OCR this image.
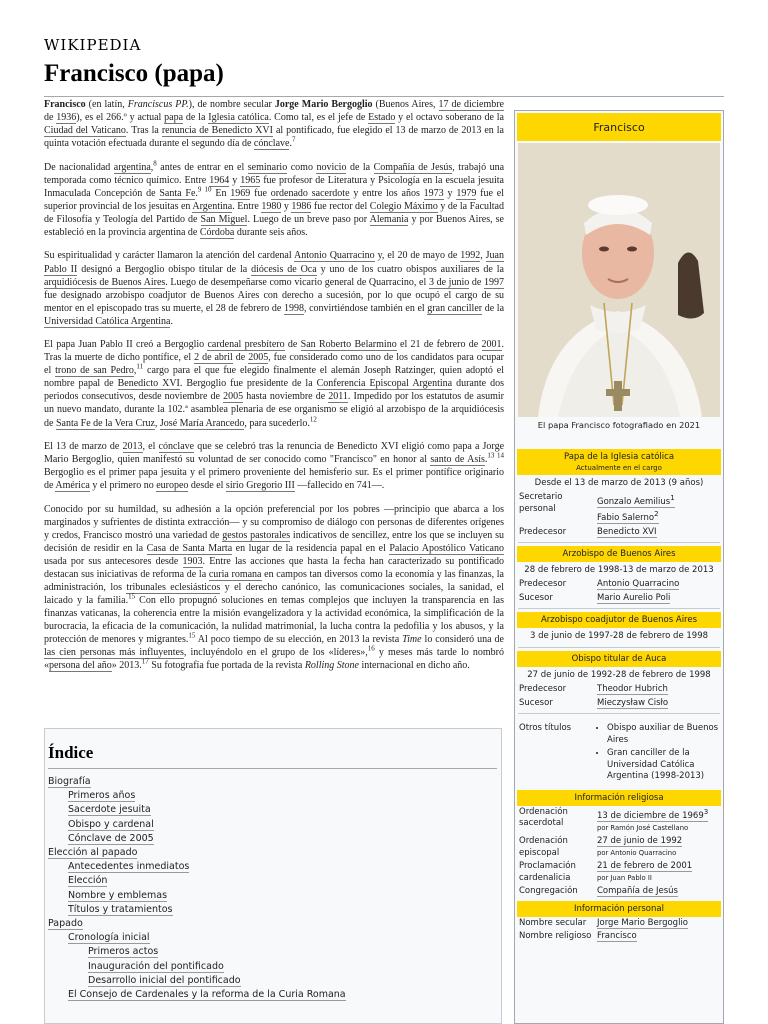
WIKIPEDIA
Francisco (papa)

Francisco (en latín, Franciscus PP.), de nombre secular Jorge Mario Bergoglio (Buenos Aires, 17 de diciembre de 1936), es el 266.º y actual papa de la Iglesia católica. Como tal, es el jefe de Estado y el octavo soberano de la Ciudad del Vaticano. Tras la renuncia de Benedicto XVI al pontificado, fue elegido el 13 de marzo de 2013 en la quinta votación efectuada durante el segundo día de cónclave.$^7$

De nacionalidad argentina,$^8$ antes de entrar en el seminario como novicio de la Compañía de Jesús, trabajó una temporada como técnico químico. Entre 1964 y 1965 fue profesor de Literatura y Psicología en la escuela jesuita Inmaculada Concepción de Santa Fe.$^{9 10}$ En 1969 fue ordenado sacerdote y entre los años 1973 y 1979 fue el superior provincial de los jesuitas en Argentina. Entre 1980 y 1986 fue rector del Colegio Máximo y de la Facultad de Filosofía y Teología del Partido de San Miguel. Luego de un breve paso por Alemania y por Buenos Aires, se estableció en la provincia argentina de Córdoba durante seis años.

Su espiritualidad y carácter llamaron la atención del cardenal Antonio Quarracino y, el 20 de mayo de 1992, Juan Pablo II designó a Bergoglio obispo titular de la diócesis de Oca y uno de los cuatro obispos auxiliares de la arquidiócesis de Buenos Aires. Luego de desempeñarse como vicario general de Quarracino, el 3 de junio de 1997 fue designado arzobispo coadjutor de Buenos Aires con derecho a sucesión, por lo que ocupó el cargo de su mentor en el episcopado tras su muerte, el 28 de febrero de 1998, convirtiéndose también en el gran canciller de la Universidad Católica Argentina.

El papa Juan Pablo II creó a Bergoglio cardenal presbítero de San Roberto Belarmino el 21 de febrero de 2001. Tras la muerte de dicho pontífice, el 2 de abril de 2005, fue considerado como uno de los candidatos para ocupar el trono de san Pedro,$^{11}$ cargo para el que fue elegido finalmente el alemán Joseph Ratzinger, quien adoptó el nombre papal de Benedicto XVI. Bergoglio fue presidente de la Conferencia Episcopal Argentina durante dos periodos consecutivos, desde noviembre de 2005 hasta noviembre de 2011. Impedido por los estatutos de asumir un nuevo mandato, durante la 102.ª asamblea plenaria de ese organismo se eligió al arzobispo de la arquidiócesis de Santa Fe de la Vera Cruz, José María Arancedo, para sucederlo.$^{12}$

El 13 de marzo de 2013, el cónclave que se celebró tras la renuncia de Benedicto XVI eligió como papa a Jorge Mario Bergoglio, quien manifestó su voluntad de ser conocido como "Francisco" en honor al santo de Asís.$^{13 14}$ Bergoglio es el primer papa jesuita y el primero proveniente del hemisferio sur. Es el primer pontífice originario de América y el primero no europeo desde el sirio Gregorio III —fallecido en 741—.

Conocido por su humildad, su adhesión a la opción preferencial por los pobres —principio que abarca a los marginados y sufrientes de distinta extracción— y su compromiso de diálogo con personas de diferentes orígenes y credos, Francisco mostró una variedad de gestos pastorales indicativos de sencillez, entre los que se incluyen su decisión de residir en la Casa de Santa Marta en lugar de la residencia papal en el Palacio Apostólico Vaticano usada por sus antecesores desde 1903. Entre las acciones que hasta la fecha han caracterizado su pontificado destacan sus iniciativas de reforma de la curia romana en campos tan diversos como la economía y las finanzas, la administración, los tribunales eclesiásticos y el derecho canónico, las comunicaciones sociales, la sanidad, el laicado y la familia.$^{15}$ Con ello propugnó soluciones en temas complejos que incluyen la transparencia en las finanzas vaticanas, la coherencia entre la misión evangelizadora y la actividad económica, la simplificación de la burocracia, la eficacia de la comunicación, la nulidad matrimonial, la lucha contra la pedofilia y los abusos, y la protección de menores y migrantes.$^{15}$ Al poco tiempo de su elección, en 2013 la revista Time lo consideró una de las cien personas más influyentes, incluyéndolo en el grupo de los «líderes»,$^{16}$ y meses más tarde lo nombró «persona del año» 2013.17 Su fotografía fue portada de la revista Rolling Stone internacional en dicho año.

Índice
Biografía
Primeros años
Sacerdote jesuita
Obispo y cardenal
Cónclave de 2005
Elección al papado
Antecedentes inmediatos
Elección
Nombre y emblemas
Títulos y tratamientos
Papado
Cronología inicial
Primeros actos
Inauguración del pontificado
Desarrollo inicial del pontificado
El Consejo de Cardenales y la reforma de la Curia Romana
Francisco
El papa Francisco fotografiado en 2021
Papa de la Iglesia católica
Actualmente en el cargo
Desde el 13 de marzo de 2013 (9 años)
Secretario personal
Gonzalo Aemilius$^1$
Fabio Salerno$^2$
Predecesor	Benedicto XVI
Arzobispo de Buenos Aires
28 de febrero de 1998-13 de marzo de 2013
Predecesor	Antonio Quarracino
Sucesor	Mario Aurelio Poli
Arzobispo coadjutor de Buenos Aires
3 de junio de 1997-28 de febrero de 1998
Obispo titular de Auca
27 de junio de 1992-28 de febrero de 1998
Predecesor	Theodor Hubrich
Sucesor	Mieczysław Cisło
Otros títulos
•	Obispo auxiliar de Buenos Aires
• Gran canciller de la Universidad Católica Argentina (1998-2013)
Información religiosa
Ordenación sacerdotal
13 de diciembre de 1969$^3$
por Ramón José Castellano
Ordenación episcopal
27 de junio de 1992
por Antonio Quarracino
Proclamación cardenalicia
21 de febrero de 2001
por Juan Pablo II
Congregación	Compañía de Jesús
Información personal
Nombre secular	Jorge Mario Bergoglio
Nombre religioso Francisco
